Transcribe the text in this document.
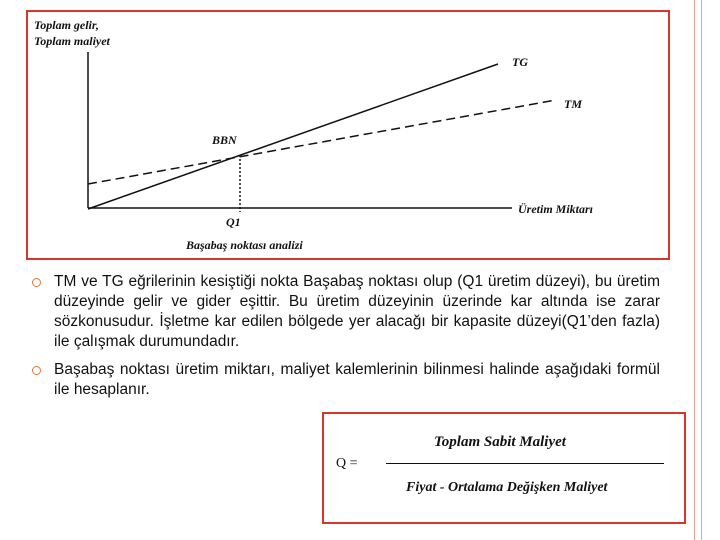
Toplam gelir,
Toplam maliyet
TG
TM
BBN
Üretim Miktarı
Q1
Başabaş noktası analizi
TM ve TG eğrilerinin kesiştiği nokta Başabaş noktası olup (Q1 üretim düzeyi), bu üretim düzeyinde gelir ve gider eşittir. Bu üretim düzeyinin üzerinde kar altında ise zarar sözkonusudur. İşletme kar edilen bölgede yer alacağı bir kapasite düzeyi(Q1’den fazla) ile çalışmak durumundadır.
Başabaş noktası üretim miktarı, maliyet kalemlerinin bilinmesi halinde aşağıdaki formül ile hesaplanır.
Toplam Sabit Maliyet
Q =
Fiyat - Ortalama Değişken Maliyet
